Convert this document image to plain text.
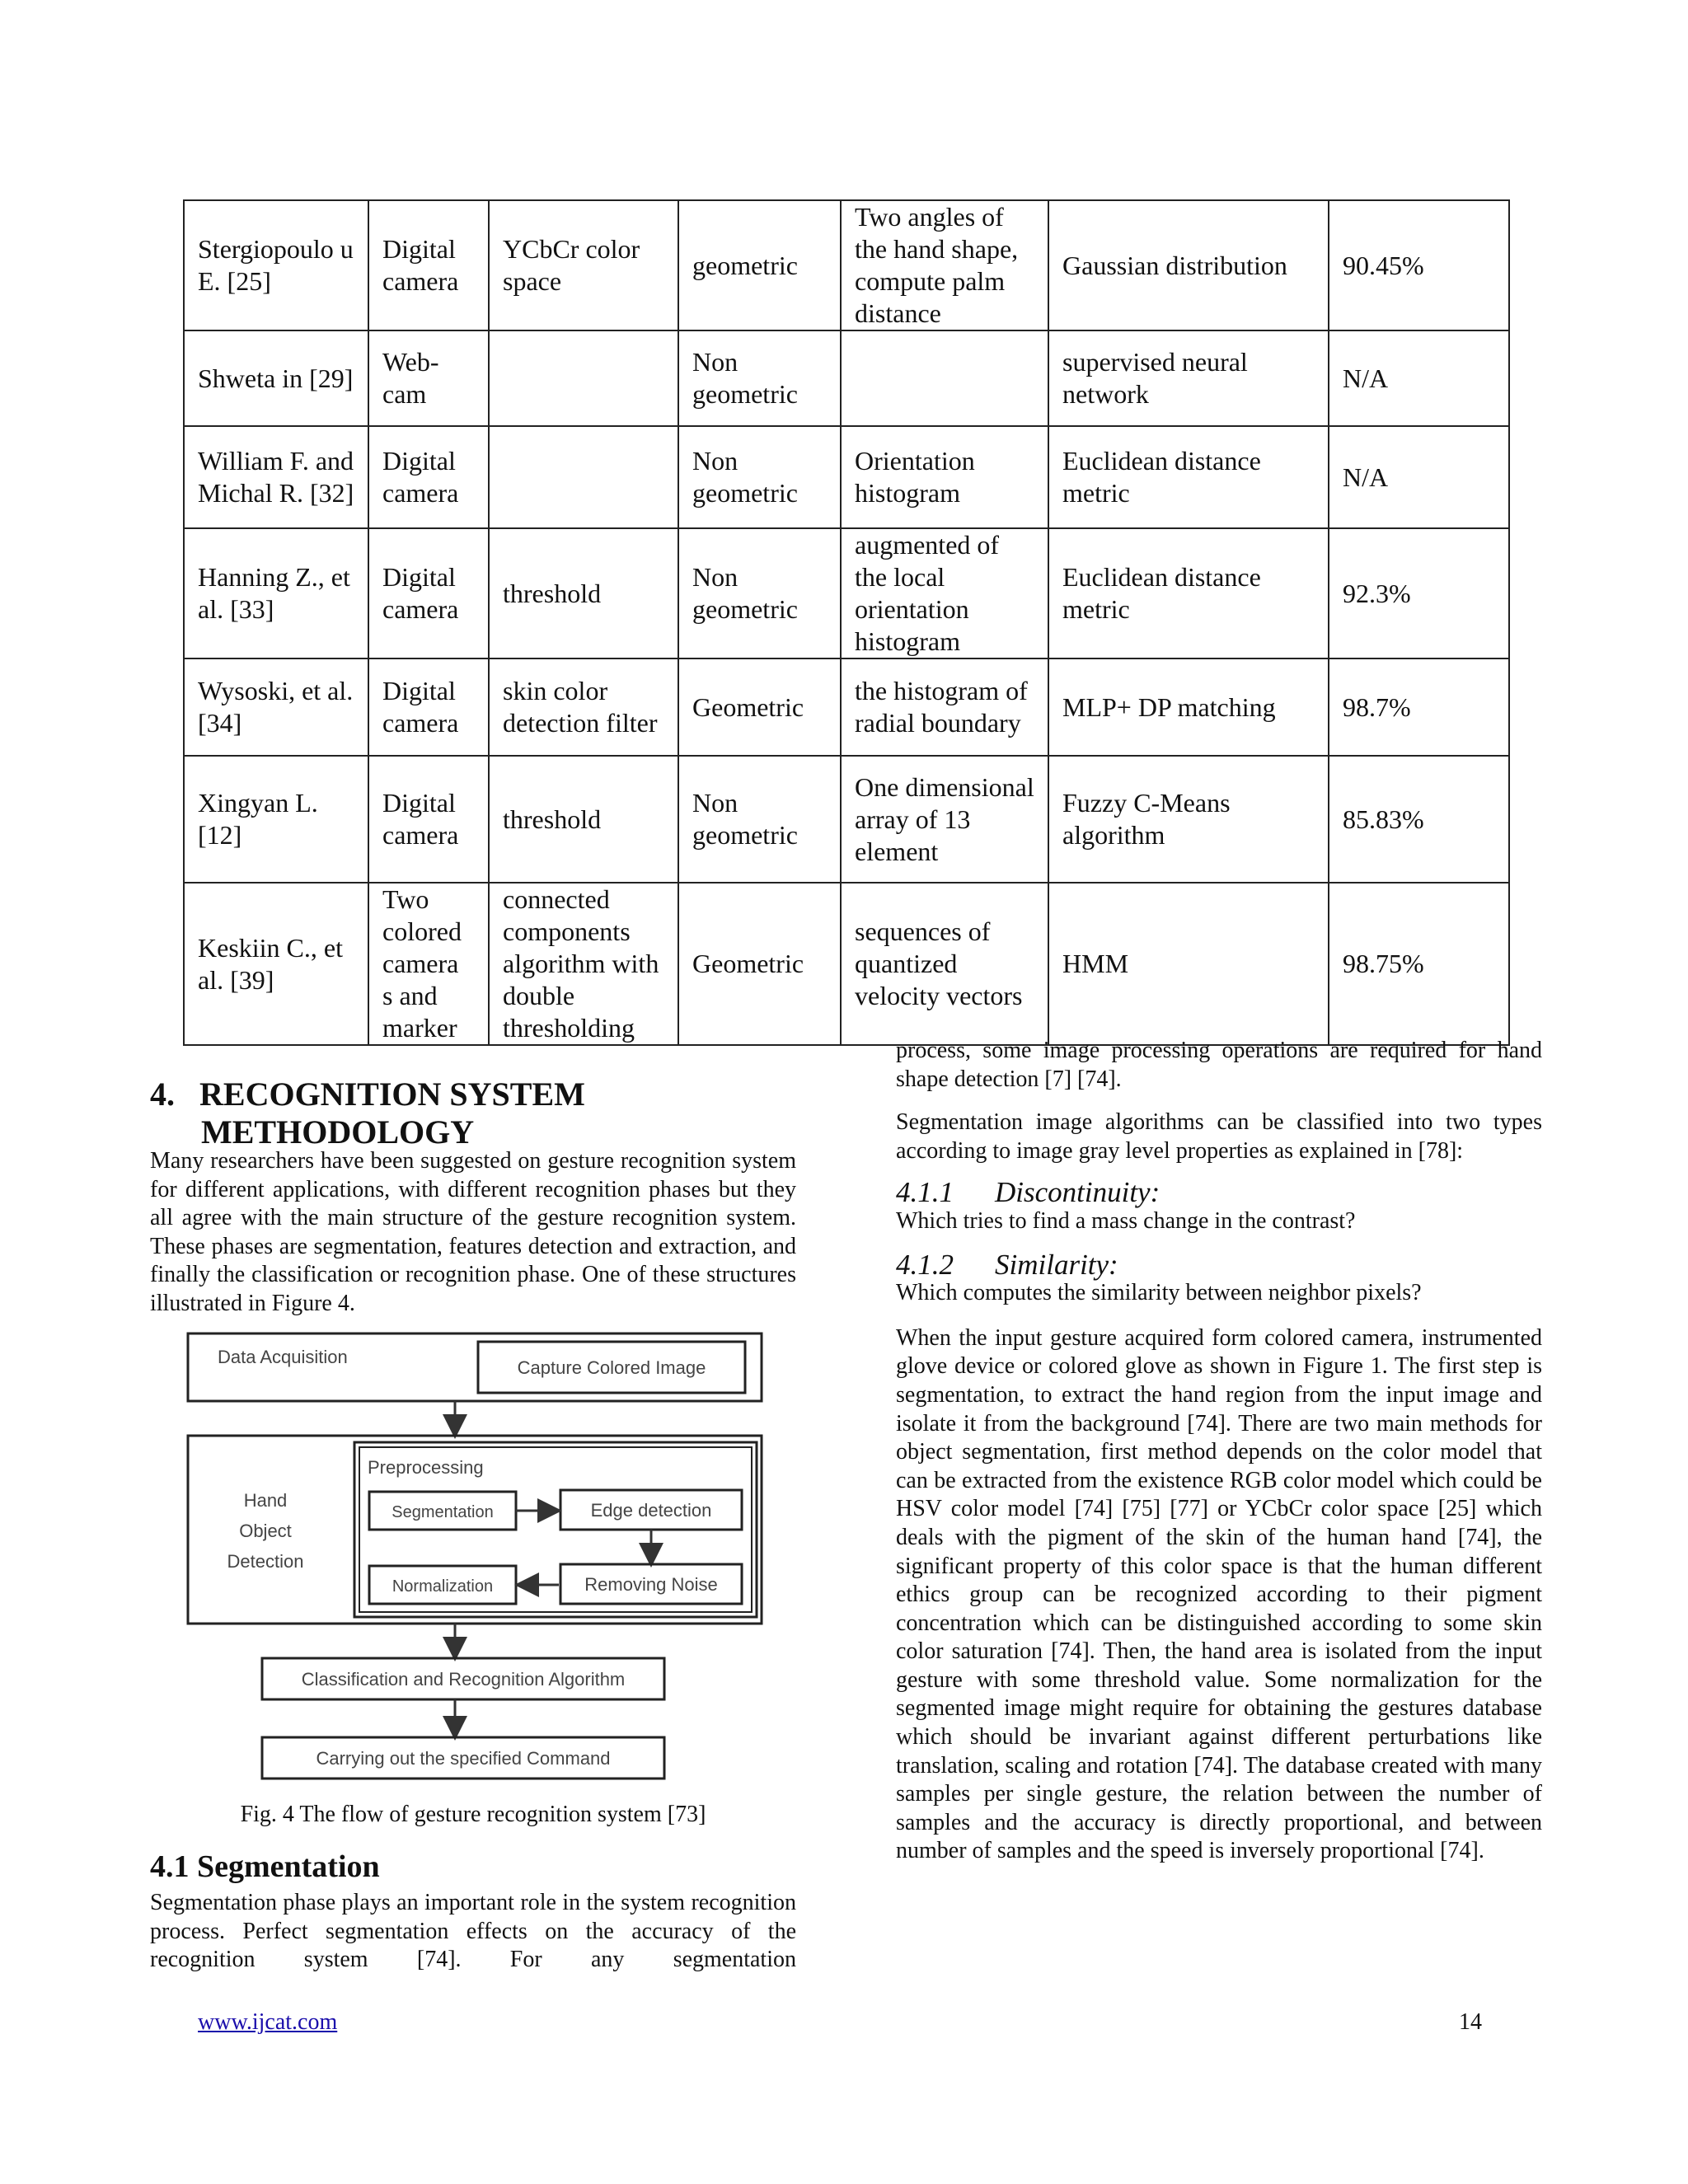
Stergiopoulo u E. [25]	Digital camera	YCbCr color space	geometric	Two angles of the hand shape, compute palm distance	Gaussian distribution	90.45%
Shweta in [29]	Web- cam		Non geometric		supervised neural network	N/A
William F. and Michal R. [32]	Digital camera		Non geometric	Orientation histogram	Euclidean distance metric	N/A
Hanning Z., et al. [33]	Digital camera	threshold	Non geometric	augmented of the local orientation histogram	Euclidean distance metric	92.3%
Wysoski, et al. [34]	Digital camera	skin color detection filter	Geometric	the histogram of radial boundary	MLP+ DP matching	98.7%
Xingyan L. [12]	Digital camera	threshold	Non geometric	One dimensional array of 13 element	Fuzzy C-Means algorithm	85.83%
Keskiin C., et al. [39]	Two colored camera s and marker	connected components algorithm with double thresholding	Geometric	sequences of quantized velocity vectors	HMM	98.75%
4. RECOGNITION SYSTEM
METHODOLOGY

Many researchers have been suggested on gesture recognition system for different applications, with different recognition phases but they all agree with the main structure of the gesture recognition system. These phases are segmentation, features detection and extraction, and finally the classification or recognition phase. One of these structures illustrated in Figure 4.

Data Acquisition
Capture Colored Image
Hand
Object
Detection
Preprocessing
Segmentation	Edge detection
Normalization	Removing Noise
Classification and Recognition Algorithm
Carrying out the specified Command
Fig. 4 The flow of gesture recognition system [73]
4.1 Segmentation

Segmentation phase plays an important role in the system recognition process. Perfect segmentation effects on the accuracy of the recognition system [74]. For any segmentation

process, some image processing operations are required for hand shape detection [7] [74].

Segmentation image algorithms can be classified into two types according to image gray level properties as explained in [78]:

4.1.1 Discontinuity:

Which tries to find a mass change in the contrast?

4.1.2 Similarity:

Which computes the similarity between neighbor pixels?

When the input gesture acquired form colored camera, instrumented glove device or colored glove as shown in Figure 1. The first step is segmentation, to extract the hand region from the input image and isolate it from the background [74]. There are two main methods for object segmentation, first method depends on the color model that can be extracted from the existence RGB color model which could be HSV color model [74] [75] [77] or YCbCr color space [25] which deals with the pigment of the skin of the human hand [74], the significant property of this color space is that the human different ethics group can be recognized according to their pigment concentration which can be distinguished according to some skin color saturation [74]. Then, the hand area is isolated from the input gesture with some threshold value. Some normalization for the segmented image might require for obtaining the gestures database which should be invariant against different perturbations like translation, scaling and rotation [74]. The database created with many samples per single gesture, the relation between the number of samples and the accuracy is directly proportional, and between number of samples and the speed is inversely proportional [74].

www.ijcat.com	14
